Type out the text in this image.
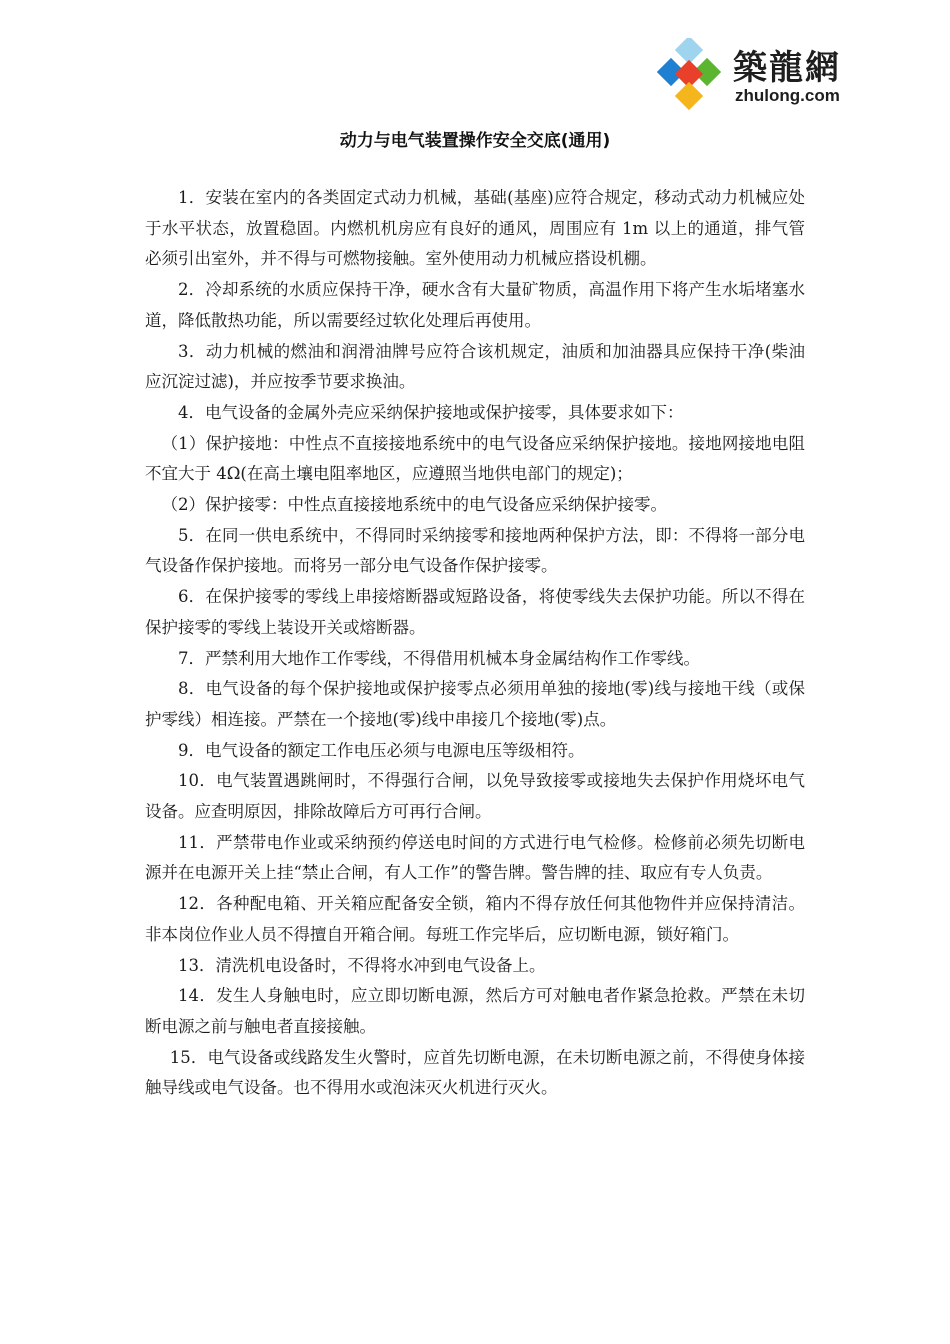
築龍網
zhulong.com
动力与电气装置操作安全交底(通用)

1．安装在室内的各类固定式动力机械，基础(基座)应符合规定，移动式动力机械应处于水平状态，放置稳固。内燃机机房应有良好的通风，周围应有 1m 以上的通道，排气管必须引出室外，并不得与可燃物接触。室外使用动力机械应搭设机棚。

2．冷却系统的水质应保持干净，硬水含有大量矿物质，高温作用下将产生水垢堵塞水道，降低散热功能，所以需要经过软化处理后再使用。

3．动力机械的燃油和润滑油牌号应符合该机规定，油质和加油器具应保持干净(柴油应沉淀过滤)，并应按季节要求换油。

4．电气设备的金属外壳应采纳保护接地或保护接零，具体要求如下：

（1）保护接地：中性点不直接接地系统中的电气设备应采纳保护接地。接地网接地电阻不宜大于 4Ω(在高土壤电阻率地区，应遵照当地供电部门的规定)；

（2）保护接零：中性点直接接地系统中的电气设备应采纳保护接零。

5．在同一供电系统中，不得同时采纳接零和接地两种保护方法，即：不得将一部分电气设备作保护接地。而将另一部分电气设备作保护接零。

6．在保护接零的零线上串接熔断器或短路设备，将使零线失去保护功能。所以不得在保护接零的零线上装设开关或熔断器。

7．严禁利用大地作工作零线，不得借用机械本身金属结构作工作零线。

8．电气设备的每个保护接地或保护接零点必须用单独的接地(零)线与接地干线（或保护零线）相连接。严禁在一个接地(零)线中串接几个接地(零)点。

9．电气设备的额定工作电压必须与电源电压等级相符。

10．电气装置遇跳闸时，不得强行合闸，以免导致接零或接地失去保护作用烧坏电气设备。应查明原因，排除故障后方可再行合闸。

11．严禁带电作业或采纳预约停送电时间的方式进行电气检修。检修前必须先切断电源并在电源开关上挂“禁止合闸，有人工作”的警告牌。警告牌的挂、取应有专人负责。

12．各种配电箱、开关箱应配备安全锁，箱内不得存放任何其他物件并应保持清洁。非本岗位作业人员不得擅自开箱合闸。每班工作完毕后，应切断电源，锁好箱门。

13．清洗机电设备时，不得将水冲到电气设备上。

14．发生人身触电时，应立即切断电源，然后方可对触电者作紧急抢救。严禁在未切断电源之前与触电者直接接触。

15．电气设备或线路发生火警时，应首先切断电源，在未切断电源之前，不得使身体接触导线或电气设备。也不得用水或泡沫灭火机进行灭火。
